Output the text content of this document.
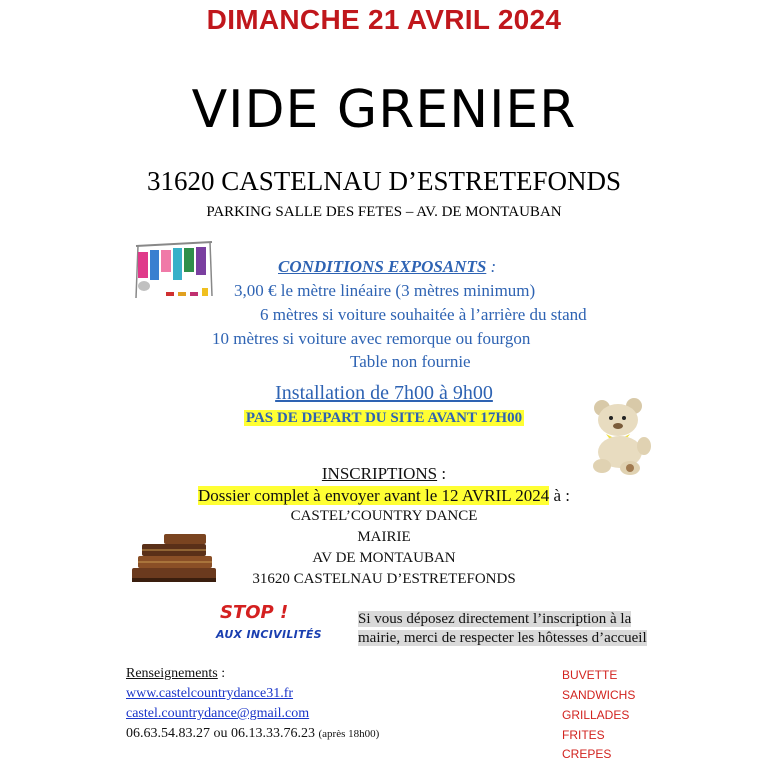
DIMANCHE 21 AVRIL 2024
VIDE GRENIER
31620 CASTELNAU D’ESTRETEFONDS
PARKING SALLE DES FETES – AV. DE MONTAUBAN
CONDITIONS EXPOSANTS :
3,00 € le mètre linéaire (3 mètres minimum)
6 mètres si voiture souhaitée à l’arrière du stand
10 mètres si voiture avec remorque ou fourgon
Table non fournie
Installation de 7h00 à 9h00
PAS DE DEPART DU SITE AVANT 17H00
INSCRIPTIONS :
Dossier complet à envoyer avant le 12 AVRIL 2024 à :
CASTEL’COUNTRY DANCE
MAIRIE
AV DE MONTAUBAN
31620 CASTELNAU D’ESTRETEFONDS
STOP !
AUX INCIVILITÉS
Si vous déposez directement l’inscription à la
mairie, merci de respecter les hôtesses d’accueil
Renseignements :
www.castelcountrydance31.fr
castel.countrydance@gmail.com
06.63.54.83.27 ou 06.13.33.76.23 (après 18h00)
BUVETTE
SANDWICHS
GRILLADES
FRITES
CREPES
